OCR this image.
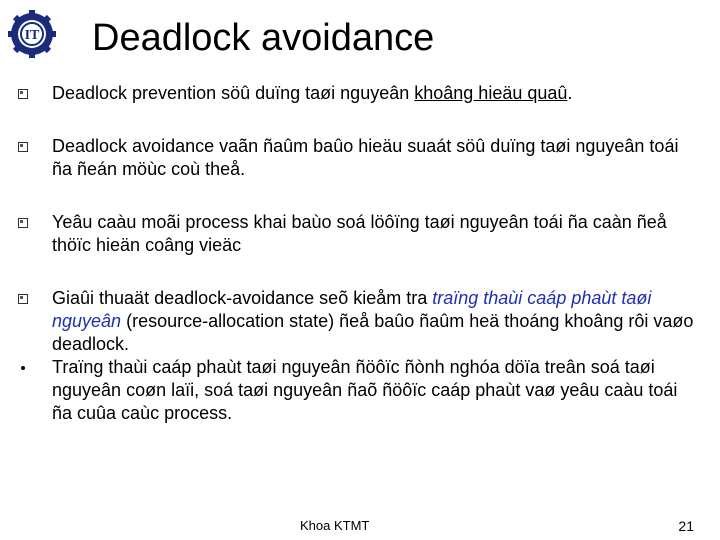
IT Deadlock avoidance
Deadlock prevention söû duïng taøi nguyeân khoâng hieäu quaû.
Deadlock avoidance vaãn ñaûm baûo hieäu suaát söû duïng taøi nguyeân toái ña ñeán möùc coù theå.
Yeâu caàu moãi process khai baùo soá löôïng taøi nguyeân toái ña caàn ñeå thöïc hieän coâng vieäc
Giaûi thuaät deadlock-avoidance seõ kieåm tra traïng thaùi caáp phaùt taøi nguyeân (resource-allocation state) ñeå baûo ñaûm heä thoáng khoâng rôi vaøo deadlock.
Traïng thaùi caáp phaùt taøi nguyeân ñöôïc ñònh nghóa döïa treân soá taøi nguyeân coøn laïi, soá taøi nguyeân ñaõ ñöôïc caáp phaùt vaø yeâu caàu toái ña cuûa caùc process.
Khoa KTMT	21
